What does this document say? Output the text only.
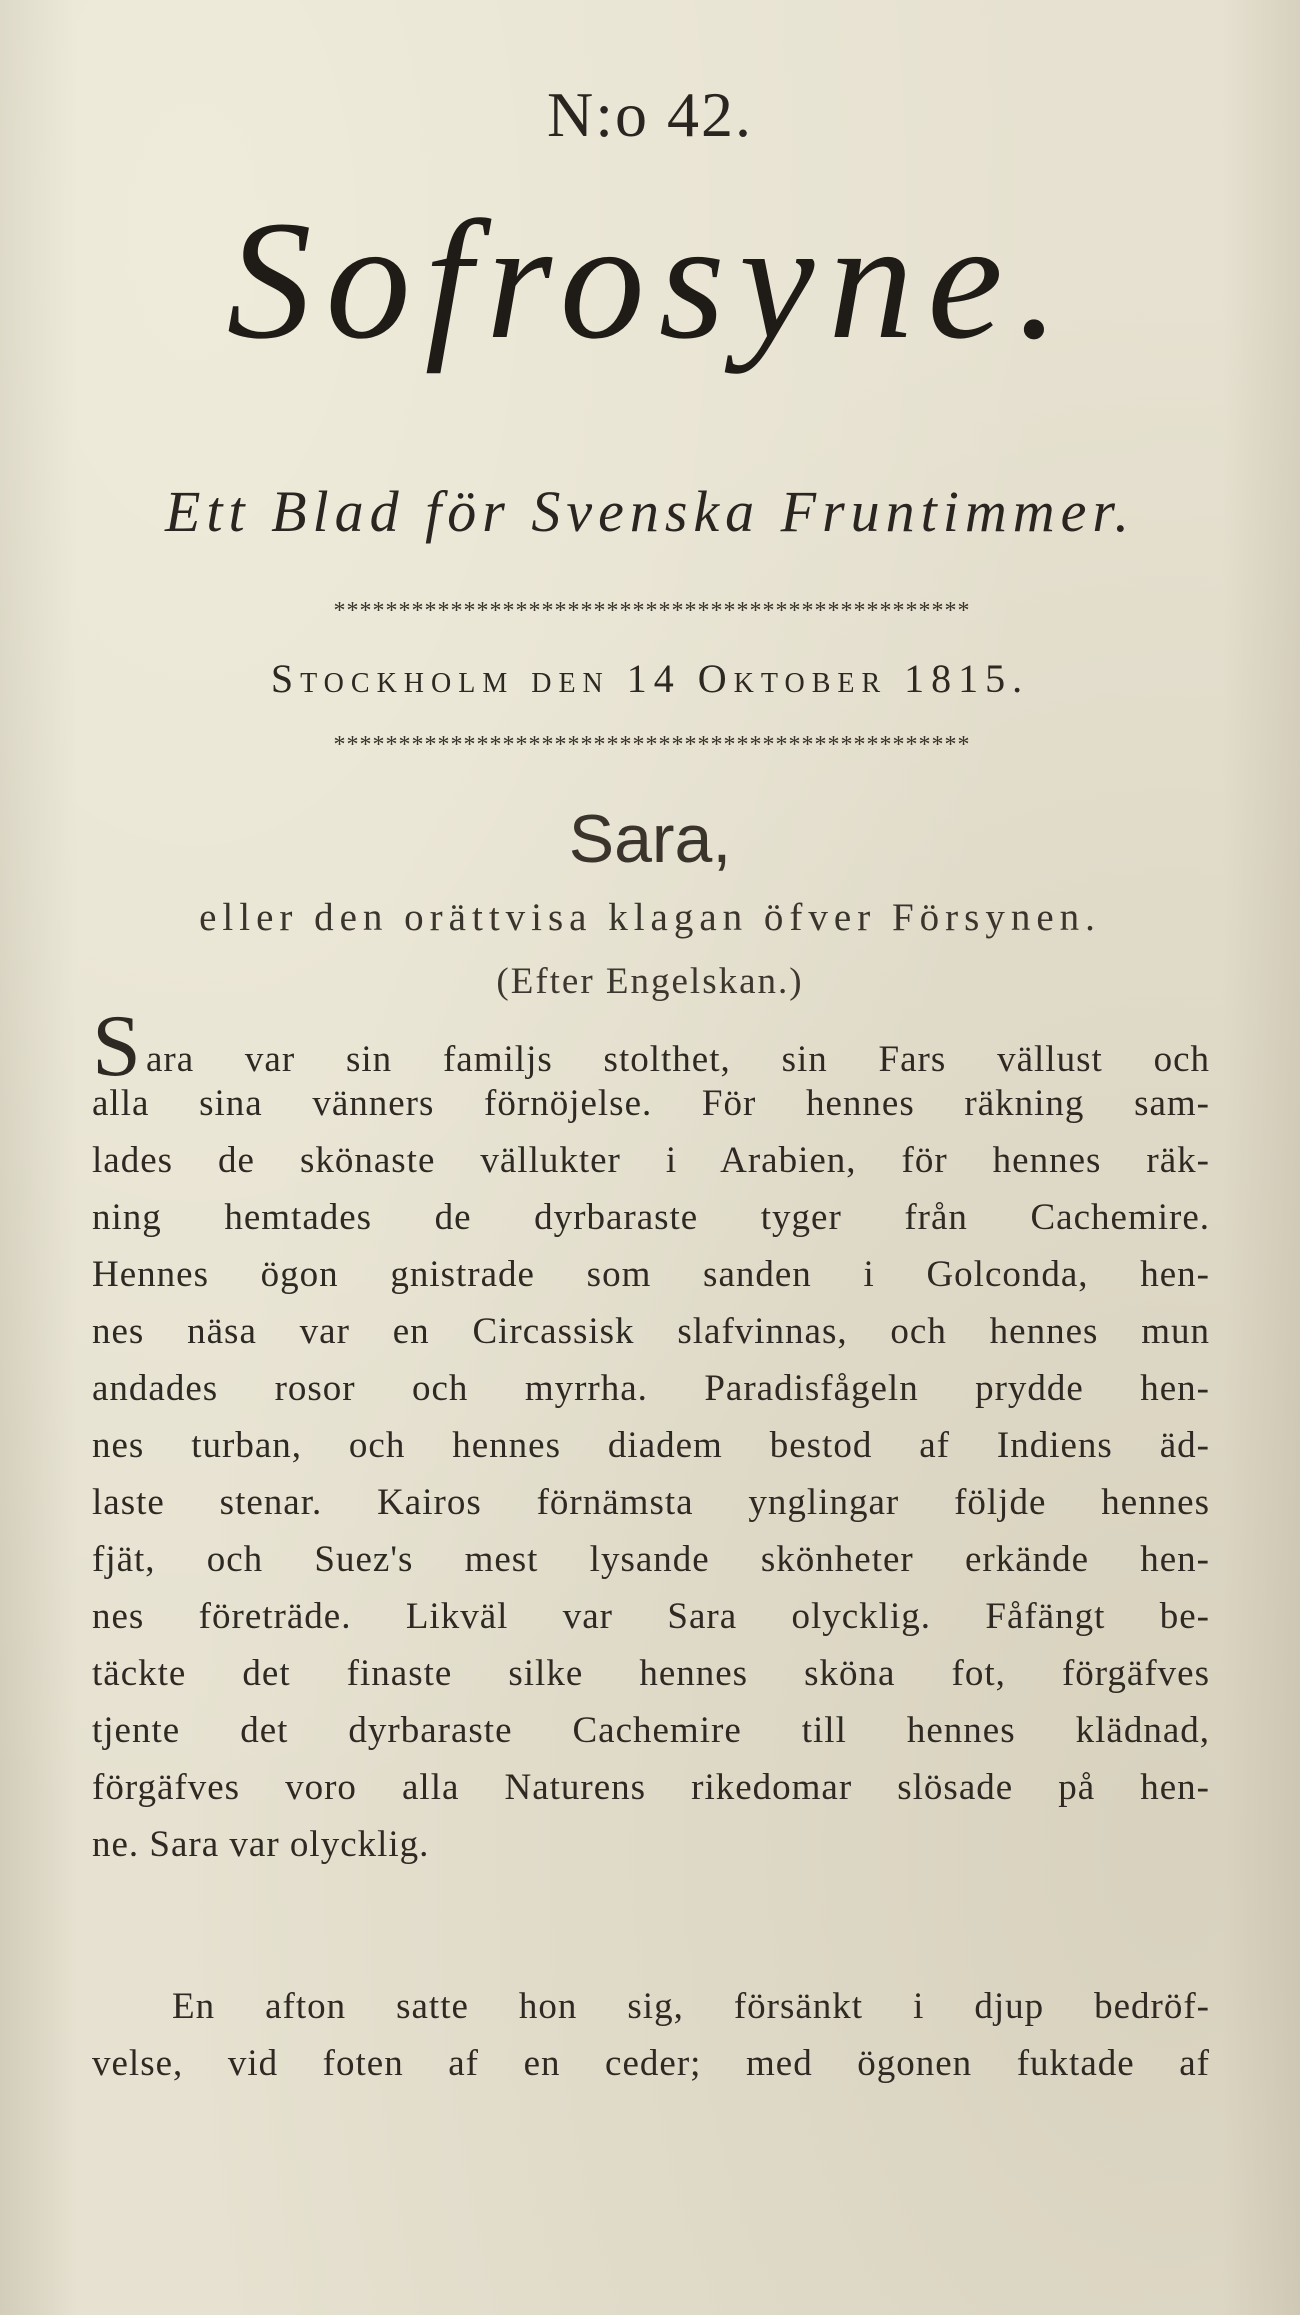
N:o 42.
Sofrosyne.
Ett Blad för Svenska Fruntimmer.
*************************************************
Stockholm den 14 Oktober 1815.
*************************************************
Sara,
eller den orättvisa klagan öfver Försynen.
(Efter Engelskan.)
Sara var sin familjs stolthet, sin Fars vällust och
alla sina vänners förnöjelse. För hennes räkning sam-
lades de skönaste vällukter i Arabien, för hennes räk-
ning hemtades de dyrbaraste tyger från Cachemire.
Hennes ögon gnistrade som sanden i Golconda, hen-
nes näsa var en Circassisk slafvinnas, och hennes mun
andades rosor och myrrha. Paradisfågeln prydde hen-
nes turban, och hennes diadem bestod af Indiens äd-
laste stenar. Kairos förnämsta ynglingar följde hennes
fjät, och Suez's mest lysande skönheter erkände hen-
nes företräde. Likväl var Sara olycklig. Fåfängt be-
täckte det finaste silke hennes sköna fot, förgäfves
tjente det dyrbaraste Cachemire till hennes klädnad,
förgäfves voro alla Naturens rikedomar slösade på hen-
ne. Sara var olycklig.
En afton satte hon sig, försänkt i djup bedröf-
velse, vid foten af en ceder; med ögonen fuktade af
